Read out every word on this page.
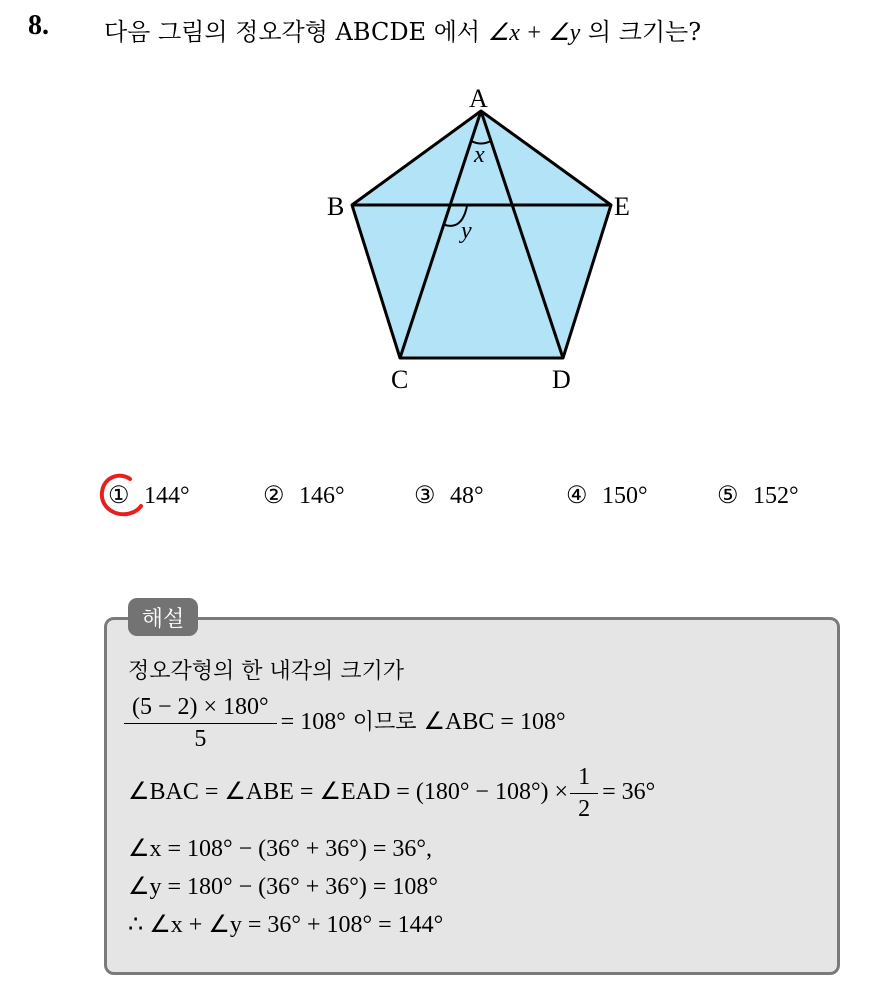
8. 다음 그림의 정오각형 ABCDE 에서 ∠x + ∠y 의 크기는?
A
B
C	D
E
x
y
① 144°	② 146°	③ 48°	④ 150°	⑤ 152°
해설
정오각형의 한 내각의 크기가
$\frac{(5 - 2) \times 180^\circ}{5} = 108^\circ$ 이므로 ∠ABC = 108°
∠BAC = ∠ABE = ∠EAD = $(180^\circ - 108^\circ) \times \frac{1}{2} = 36^\circ$
∠x = 108° − (36° + 36°) = 36°,
∠y = 180° − (36° + 36°) = 108°
∴ ∠x + ∠y = 36° + 108° = 144°
